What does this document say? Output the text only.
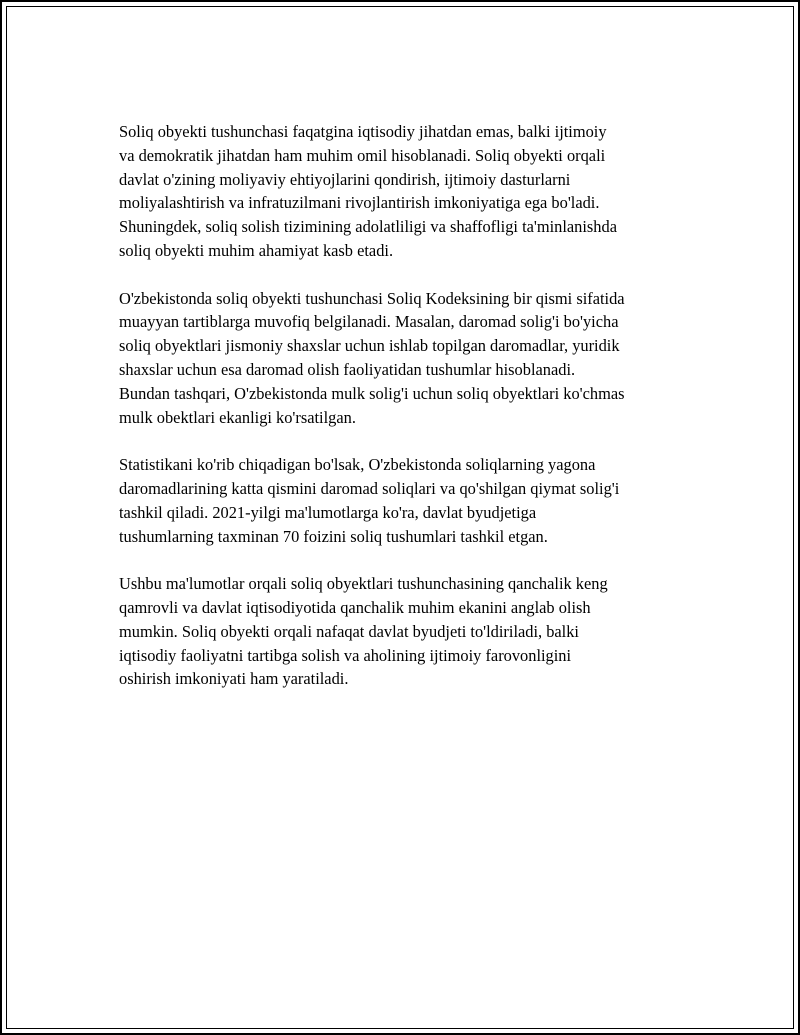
Soliq obyekti tushunchasi faqatgina iqtisodiy jihatdan emas, balki ijtimoiy
va demokratik jihatdan ham muhim omil hisoblanadi. Soliq obyekti orqali
davlat o'zining moliyaviy ehtiyojlarini qondirish, ijtimoiy dasturlarni
moliyalashtirish va infratuzilmani rivojlantirish imkoniyatiga ega bo'ladi.
Shuningdek, soliq solish tizimining adolatliligi va shaffofligi ta'minlanishda
soliq obyekti muhim ahamiyat kasb etadi.

O'zbekistonda soliq obyekti tushunchasi Soliq Kodeksining bir qismi sifatida
muayyan tartiblarga muvofiq belgilanadi. Masalan, daromad solig'i bo'yicha
soliq obyektlari jismoniy shaxslar uchun ishlab topilgan daromadlar, yuridik
shaxslar uchun esa daromad olish faoliyatidan tushumlar hisoblanadi.
Bundan tashqari, O'zbekistonda mulk solig'i uchun soliq obyektlari ko'chmas
mulk obektlari ekanligi ko'rsatilgan.

Statistikani ko'rib chiqadigan bo'lsak, O'zbekistonda soliqlarning yagona
daromadlarining katta qismini daromad soliqlari va qo'shilgan qiymat solig'i
tashkil qiladi. 2021-yilgi ma'lumotlarga ko'ra, davlat byudjetiga
tushumlarning taxminan 70 foizini soliq tushumlari tashkil etgan.

Ushbu ma'lumotlar orqali soliq obyektlari tushunchasining qanchalik keng
qamrovli va davlat iqtisodiyotida qanchalik muhim ekanini anglab olish
mumkin. Soliq obyekti orqali nafaqat davlat byudjeti to'ldiriladi, balki
iqtisodiy faoliyatni tartibga solish va aholining ijtimoiy farovonligini
oshirish imkoniyati ham yaratiladi.
